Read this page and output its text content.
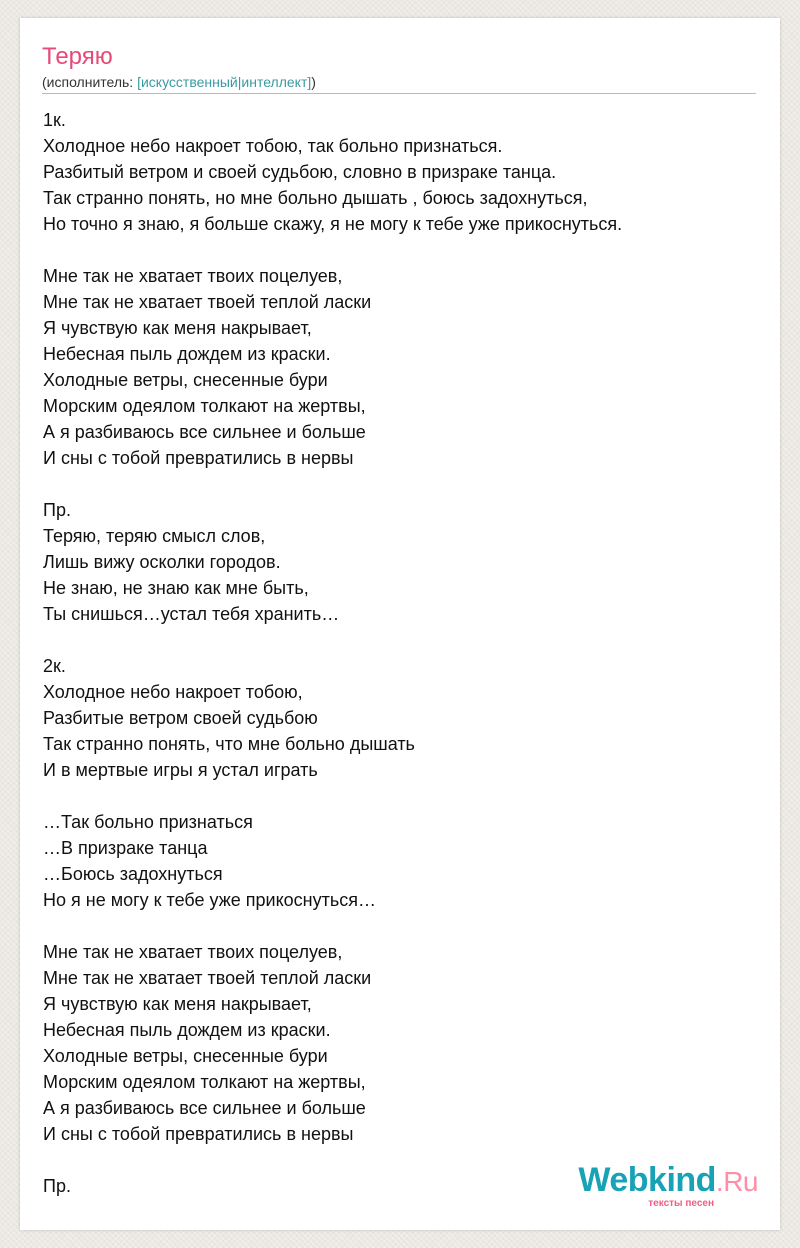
Теряю
(исполнитель: [искусственный|интеллект])
1к.
Холодное небо накроет тобою, так больно признаться.
Разбитый ветром и своей судьбою, словно в призраке танца.
Так странно понять, но мне больно дышать , боюсь задохнуться,
Но точно я знаю, я больше скажу, я не могу к тебе уже прикоснуться.

Мне так не хватает твоих поцелуев,
Мне так не хватает твоей теплой ласки
Я чувствую как меня накрывает,
Небесная пыль дождем из краски.
Холодные ветры, снесенные бури
Морским одеялом толкают на жертвы,
А я разбиваюсь все сильнее и больше
И сны с тобой превратились в нервы

Пр.
Теряю, теряю смысл слов,
Лишь вижу осколки городов.
Не знаю, не знаю как мне быть,
Ты снишься…устал тебя хранить…

2к.
Холодное небо накроет тобою,
Разбитые ветром своей судьбою
Так странно понять, что мне больно дышать
И в мертвые игры я устал играть

…Так больно признаться
…В призраке танца
…Боюсь задохнуться
Но я не могу к тебе уже прикоснуться…

Мне так не хватает твоих поцелуев,
Мне так не хватает твоей теплой ласки
Я чувствую как меня накрывает,
Небесная пыль дождем из краски.
Холодные ветры, снесенные бури
Морским одеялом толкают на жертвы,
А я разбиваюсь все сильнее и больше
И сны с тобой превратились в нервы

Пр.	Webkind.Ru
тексты песен
